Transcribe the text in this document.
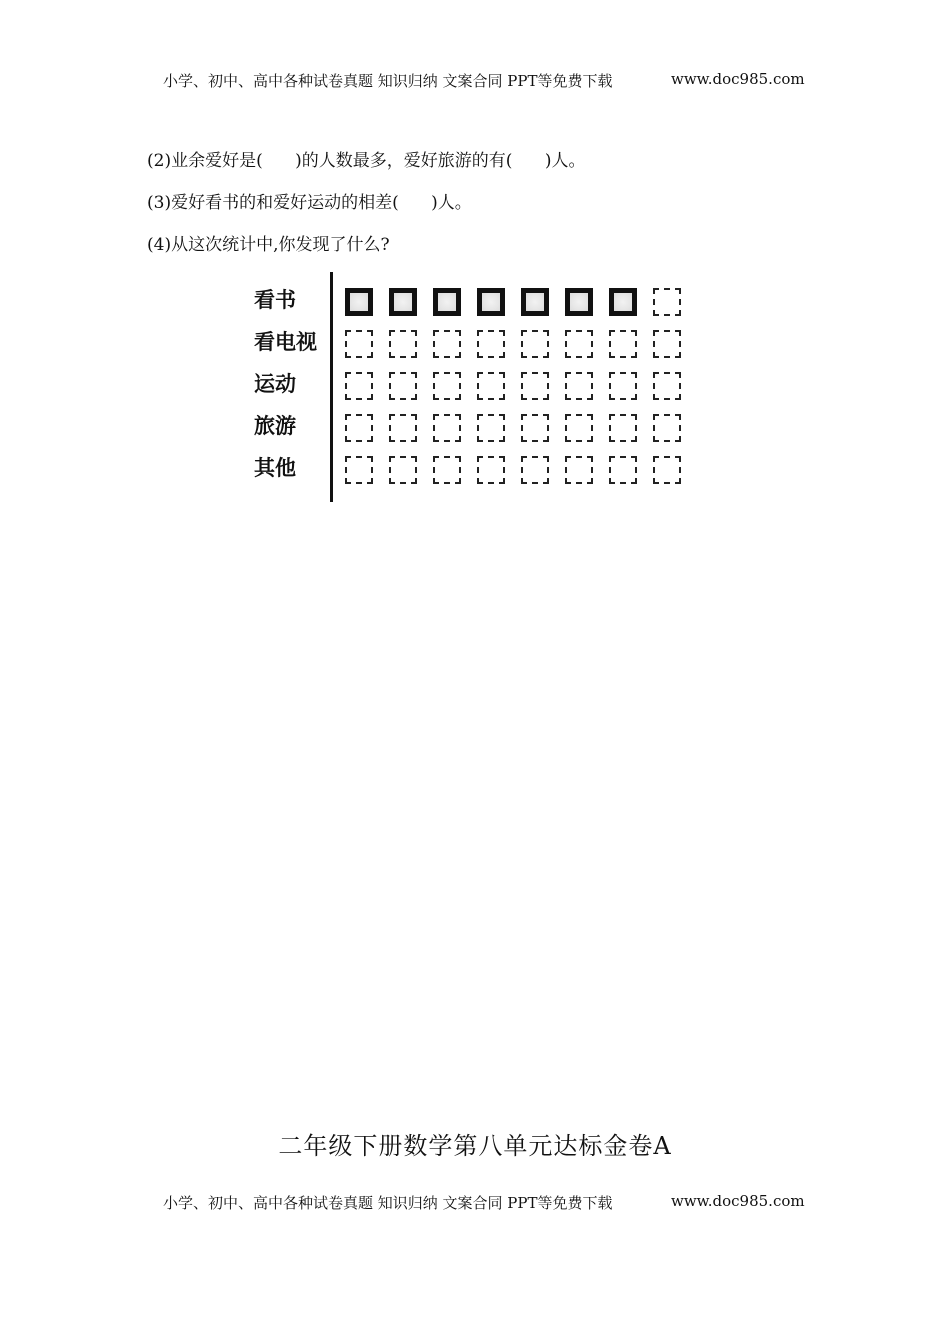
小学、初中、高中各种试卷真题 知识归纳 文案合同 PPT等免费下载	www.doc985.com
(2)业余爱好是(      )的人数最多，爱好旅游的有(      )人。
(3)爱好看书的和爱好运动的相差(      )人。
(4)从这次统计中,你发现了什么?
看书
看电视
运动
旅游
其他
二年级下册数学第八单元达标金卷A
小学、初中、高中各种试卷真题 知识归纳 文案合同 PPT等免费下载	www.doc985.com
